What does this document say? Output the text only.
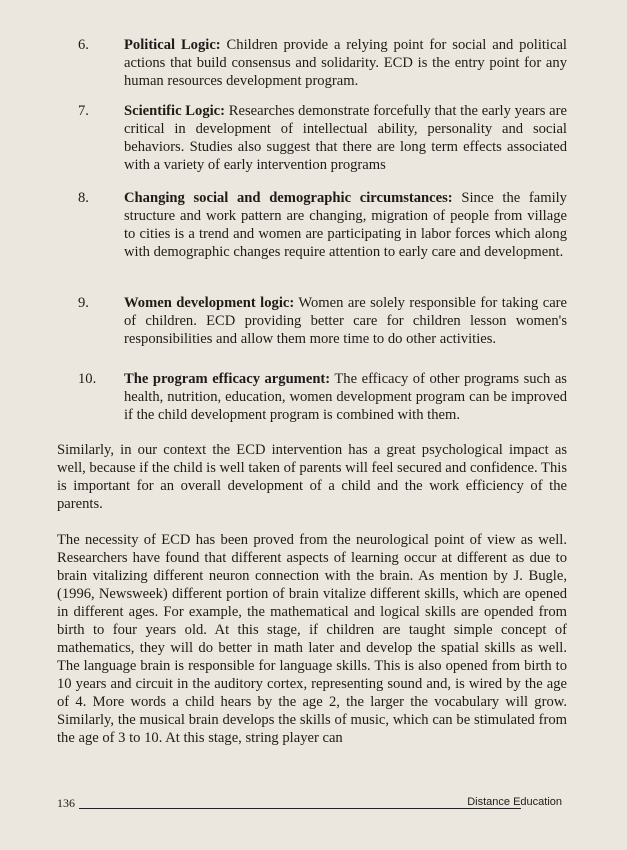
6. Political Logic: Children provide a relying point for social and political actions that build consensus and solidarity. ECD is the entry point for any human resources development program.
7. Scientific Logic: Researches demonstrate forcefully that the early years are critical in development of intellectual ability, personality and social behaviors. Studies also suggest that there are long term effects associated with a variety of early intervention programs
8. Changing social and demographic circumstances: Since the family structure and work pattern are changing, migration of people from village to cities is a trend and women are participating in labor forces which along with demographic changes require attention to early care and development.
9. Women development logic: Women are solely responsible for taking care of children. ECD providing better care for children lesson women's responsibilities and allow them more time to do other activities.
10. The program efficacy argument: The efficacy of other programs such as health, nutrition, education, women development program can be improved if the child development program is combined with them.
Similarly, in our context the ECD intervention has a great psychological impact as well, because if the child is well taken of parents will feel secured and confidence. This is important for an overall development of a child and the work efficiency of the parents.
The necessity of ECD has been proved from the neurological point of view as well. Researchers have found that different aspects of learning occur at different as due to brain vitalizing different neuron connection with the brain. As mention by J. Bugle, (1996, Newsweek) different portion of brain vitalize different skills, which are opened in different ages. For example, the mathematical and logical skills are opended from birth to four years old. At this stage, if children are taught simple concept of mathematics, they will do better in math later and develop the spatial skills as well. The language brain is responsible for language skills. This is also opened from birth to 10 years and circuit in the auditory cortex, representing sound and, is wired by the age of 4. More words a child hears by the age 2, the larger the vocabulary will grow. Similarly, the musical brain develops the skills of music, which can be stimulated from the age of 3 to 10. At this stage, string player can
136	Distance Education
